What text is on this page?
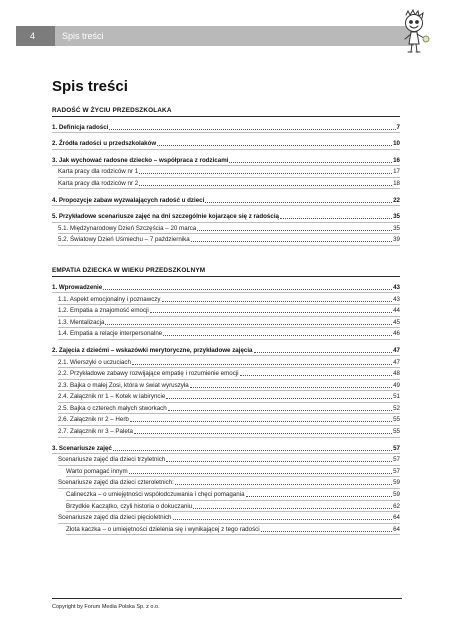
4	Spis treści
Spis treści
RADOŚĆ W ŻYCIU PRZEDSZKOLAKA
1. Definicja radości	7
2. Źródła radości u przedszkolaków	10
3. Jak wychować radosne dziecko – współpraca z rodzicami	16
Karta pracy dla rodziców nr 1	17
Karta pracy dla rodziców nr 2	18
4. Propozycje zabaw wyzwalających radość u dzieci	22
5. Przykładowe scenariusze zajęć na dni szczególnie kojarzące się z radością	35
5.1. Międzynarodowy Dzień Szczęścia – 20 marca	35
5.2. Światowy Dzień Uśmiechu – 7 października	39
EMPATIA DZIECKA W WIEKU PRZEDSZKOLNYM
1. Wprowadzenie	43
1.1. Aspekt emocjonalny i poznawczy	43
1.2. Empatia a znajomość emocji	44
1.3. Mentalizacja	45
1.4. Empatia a relacje interpersonalne	46
2. Zajęcia z dziećmi – wskazówki merytoryczne, przykładowe zajęcia	47
2.1. Wierszyki o uczuciach	47
2.2. Przykładowe zabawy rozwijające empatię i rozumienie emocji	48
2.3. Bajka o małej Zosi, która w świat wyruszyła	49
2.4. Załącznik nr 1 – Kotek w labiryncie	51
2.5. Bajka o czterech małych stworkach	52
2.6. Załącznik nr 2 – Herb	55
2.7. Załącznik nr 3 – Paleta	55
3. Scenariusze zajęć	57
Scenariusze zajęć dla dzieci trzyletnich	57
Warto pomagać innym	57
Scenariusze zajęć dla dzieci czteroletnich:	59
Calineczka – o umiejętności współodczuwania i chęci pomagania	59
Brzydkie Kaczątko, czyli historia o dokuczaniu	62
Scenariusze zajęć dla dzieci pięcioletnich	64
Złota kaczka – o umiejętności dzielenia się i wynikającej z tego radości	64
Copyright by Forum Media Polska Sp. z o.o.
